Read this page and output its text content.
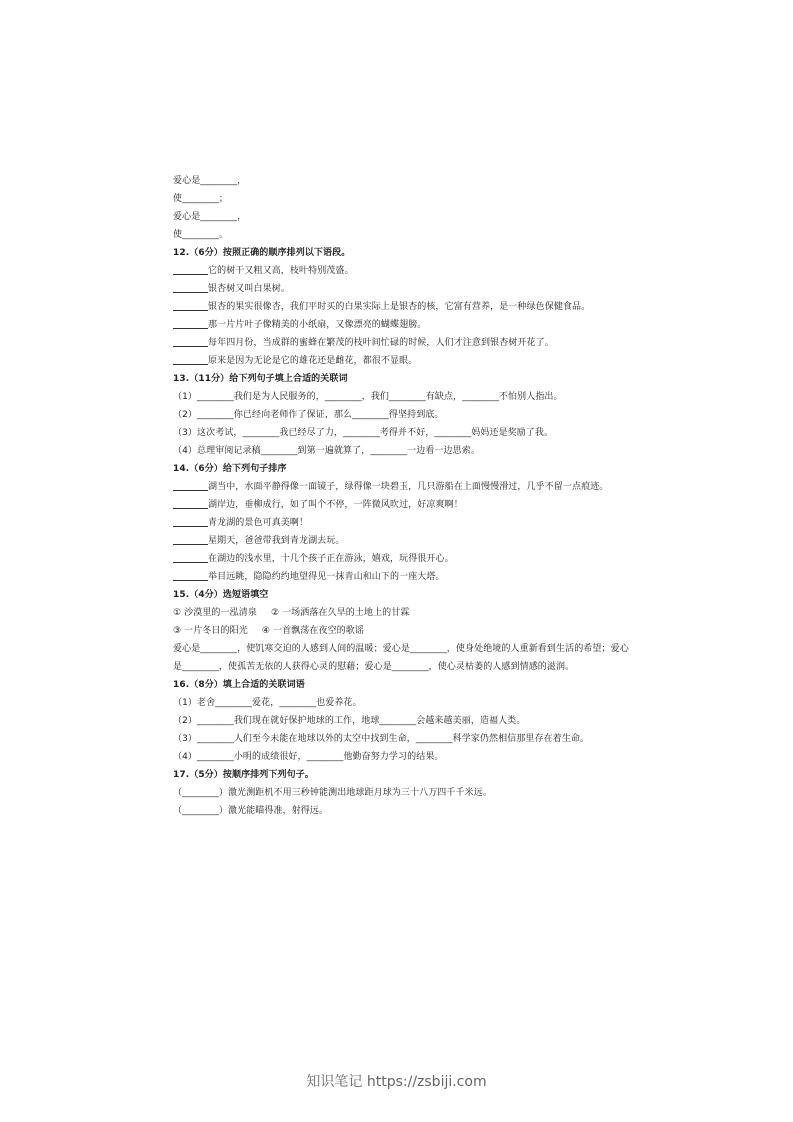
爱心是________，
使________；
爱心是________，
使________。
12.（6分）按照正确的顺序排列以下语段。
它的树干又粗又高，枝叶特别茂盛。
银杏树又叫白果树。
银杏的果实很像杏，我们平时买的白果实际上是银杏的核，它富有营养，是一种绿色保健食品。
那一片片叶子像精美的小纸扇，又像漂亮的蝴蝶翅膀。
每年四月份，当成群的蜜蜂在繁茂的枝叶间忙碌的时候，人们才注意到银杏树开花了。
原来是因为无论是它的雄花还是雌花，都很不显眼。
13.（11分）给下列句子填上合适的关联词
（1）________我们是为人民服务的，________，我们________有缺点，________不怕别人指出。
（2）________你已经向老师作了保证，那么________得坚持到底。
（3）这次考试，________我已经尽了力，________考得并不好，________妈妈还是奖励了我。
（4）总理审阅记录稿________到第一遍就算了，________一边看一边思索。
14.（6分）给下列句子排序
湖当中，水面平静得像一面镜子，绿得像一块碧玉，几只游船在上面慢慢滑过，几乎不留一点痕迹。
湖岸边，垂柳成行，如了叫个不停，一阵微风吹过，好凉爽啊！
青龙湖的景色可真美啊！
星期天，爸爸带我到青龙湖去玩。
在湖边的浅水里，十几个孩子正在游泳，嬉戏，玩得很开心。
举目远眺，隐隐约约地望得见一抹青山和山下的一座大塔。
15.（4分）选短语填空
① 沙漠里的一泓清泉 ② 一场洒落在久旱的土地上的甘霖
③ 一片冬日的阳光 ④ 一首飘荡在夜空的歌谣
爱心是________，使饥寒交迫的人感到人间的温暖；爱心是________，使身处绝境的人重新看到生活的希望；爱心是________，使孤苦无依的人获得心灵的慰藉；爱心是________，使心灵枯萎的人感到情感的滋润。
16.（8分）填上合适的关联词语
（1）老舍________爱花，________也爱养花。
（2）________我们现在就好保护地球的工作，地球________会越来越美丽，造福人类。
（3）________人们至今未能在地球以外的太空中找到生命，________科学家仍然相信那里存在着生命。
（4）________小明的成绩很好，________他勤奋努力学习的结果。
17.（5分）按顺序排列下列句子。
（________）激光测距机不用三秒钟能测出地球距月球为三十八万四千千米远。
（________）激光能瞄得准，射得远。
知识笔记 https://zsbiji.com
